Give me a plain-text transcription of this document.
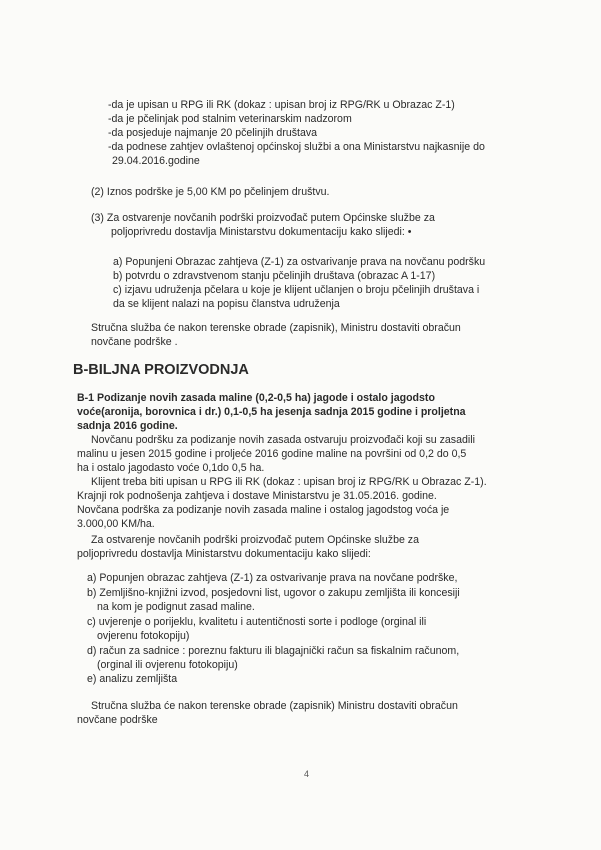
-da je upisan u RPG ili RK (dokaz : upisan broj iz RPG/RK u Obrazac Z-1)
-da je pčelinjak pod stalnim veterinarskim nadzorom
-da posjeduje najmanje 20 pčelinjih društava
-da podnese zahtjev ovlaštenoj općinskoj službi a ona Ministarstvu najkasnije do
29.04.2016.godine
(2) Iznos podrške je 5,00 KM po pčelinjem društvu.
(3) Za ostvarenje novčanih podrški proizvođač putem Općinske službe za
poljoprivredu dostavlja Ministarstvu dokumentaciju kako slijedi: •
a) Popunjeni Obrazac zahtjeva (Z-1) za ostvarivanje prava na novčanu podršku
b) potvrdu o zdravstvenom stanju pčelinjih društava (obrazac A 1-17)
c) izjavu udruženja pčelara u koje je klijent učlanjen o broju pčelinjih društava i
da se klijent nalazi na popisu članstva udruženja
Stručna služba će nakon terenske obrade (zapisnik), Ministru dostaviti obračun
novčane podrške .
B-BILJNA PROIZVODNJA
B-1 Podizanje novih zasada maline (0,2-0,5 ha) jagode i ostalo jagodsto
voće(aronija, borovnica i dr.) 0,1-0,5 ha jesenja sadnja 2015 godine i proljetna
sadnja 2016 godine.
Novčanu podršku za podizanje novih zasada ostvaruju proizvođači koji su zasadili
malinu u jesen 2015 godine i proljeće 2016 godine maline na površini od 0,2 do 0,5
ha i ostalo jagodasto voće 0,1do 0,5 ha.
Klijent treba biti upisan u RPG ili RK (dokaz : upisan broj iz RPG/RK u Obrazac Z-1).
Krajnji rok podnošenja zahtjeva i dostave Ministarstvu je 31.05.2016. godine.
Novčana podrška za podizanje novih zasada maline i ostalog jagodstog voća je
3.000,00 KM/ha.
Za ostvarenje novčanih podrški proizvođač putem Općinske službe za
poljoprivredu dostavlja Ministarstvu dokumentaciju kako slijedi:
a) Popunjen obrazac zahtjeva (Z-1) za ostvarivanje prava na novčane podrške,
b) Zemljišno-knjižni izvod, posjedovni list, ugovor o zakupu zemljišta ili koncesiji
na kom je podignut zasad maline.
c) uvjerenje o porijeklu, kvalitetu i autentičnosti sorte i podloge (orginal ili
ovjerenu fotokopiju)
d) račun za sadnice : poreznu fakturu ili blagajnički račun sa fiskalnim računom,
(orginal ili ovjerenu fotokopiju)
e) analizu zemljišta
Stručna služba će nakon terenske obrade (zapisnik) Ministru dostaviti obračun
novčane podrške
4
